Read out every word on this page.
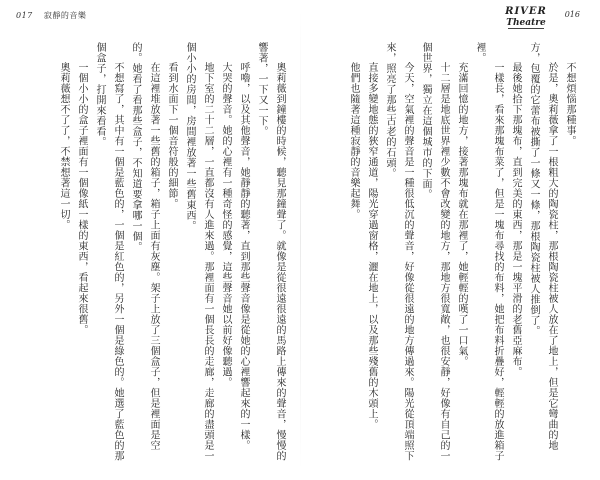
017 寂靜的音樂

奧莉薇到鐘樓的時候，聽見那鐘聲了。就像是從很遠很遠的馬路上傳來的聲音，慢慢的響著，一下又一下。

呼嚕，以及其他聲音，她靜靜的聽著，直到那些聲音像是從她的心裡響起來的一樣。

大哭的聲音。她的心裡有一種奇怪的感覺，這些聲音她以前好像聽過。

地下室的二十二層，一直都沒有人進來過。那裡面有一個長長的走廊，走廊的盡頭是一個小小的房間，房間裡放著一些舊東西。

看到水面下一個音符般的細節。

在這裡堆放著一些舊的箱子，箱子上面有灰塵。架子上放了三個盒子，但是裡面是空的。她看了看那些盒子，不知道要拿哪一個。

不想寫了，其中有一個是藍色的，一個是紅色的，另外一個是綠色的。她選了藍色的那個盒子，打開來看看。

一個小小的盒子裡面有一個像紙一樣的東西，看起來很舊。

奧莉薇想不了了，不禁想著這一切。

RIVER
Theatre
016

不想煩惱那種事。

於是，奧莉薇拿了一根粗大的陶瓷柱，那根陶瓷柱被人放在了地上，但是它彎曲的地方，包覆的它蕾布被撕了一條又一條，那根陶瓷柱被人推倒了。

最後她拾下那塊布，直到完美的東西，那是一塊平滑的老舊亞麻布。

一樣長，看來那塊布菜了，但是一塊布尋找的布料，她把布料折疊好，輕輕的放進箱子裡。

充滿回憶的地方，接著那塊布就在那裡了，她輕輕的嘆了一口氣。

十二層是地底世界裡少數不會改變的地方，那地方很寬敞，也很安靜，好像有自己的一個世界，獨立在這個城市的下面。

今天，空氣裡的聲音是一種很低沉的聲音，好像從很遠的地方傳過來。陽光從頂端照下來，照亮了那些古老的石頭。

直接多變地態的狹窄通道，陽光穿過窗格，灑在地上，以及那些殘舊的木頭上。

他們也隨著這種寂靜的音樂起舞。
